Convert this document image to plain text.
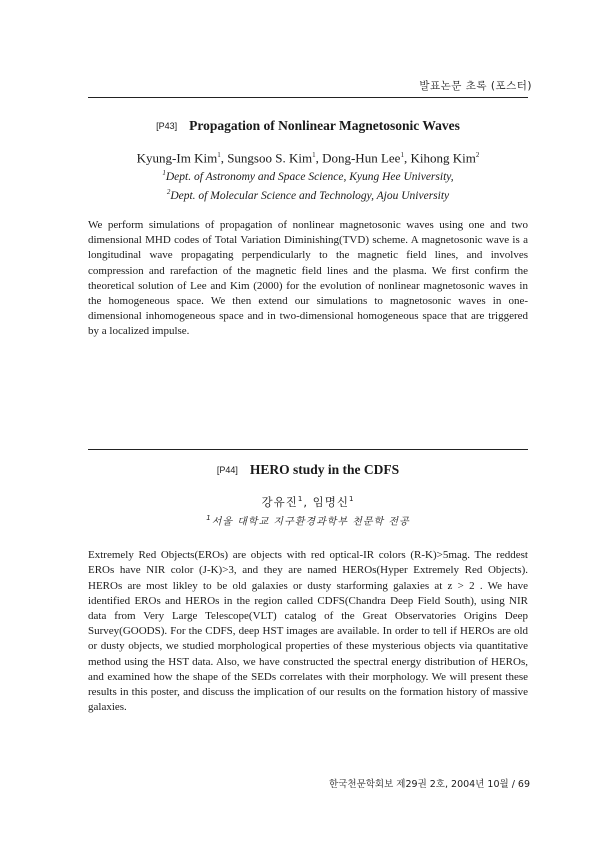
발표논문 초록 (포스터)
[P43] Propagation of Nonlinear Magnetosonic Waves
Kyung-Im Kim$^1$, Sungsoo S. Kim$^1$, Dong-Hun Lee$^1$, Kihong Kim$^2$
$^1$Dept. of Astronomy and Space Science, Kyung Hee University,
$^2$Dept. of Molecular Science and Technology, Ajou University

We perform simulations of propagation of nonlinear magnetosonic waves using one and two dimensional MHD codes of Total Variation Diminishing(TVD) scheme. A magnetosonic wave is a longitudinal wave propagating perpendicularly to the magnetic field lines, and involves compression and rarefaction of the magnetic field lines and the plasma. We first confirm the theoretical solution of Lee and Kim (2000) for the evolution of nonlinear magnetosonic waves in the homogeneous space. We then extend our simulations to magnetosonic waves in one-dimensional inhomogeneous space and in two-dimensional homogeneous space that are triggered by a localized impulse.

[P44] HERO study in the CDFS
강유진$^1$, 임명신$^1$
$^1$서울 대학교 지구환경과학부 천문학 전공

Extremely Red Objects(EROs) are objects with red optical-IR colors (R-K)>5mag. The reddest EROs have NIR color (J-K)>3, and they are named HEROs(Hyper Extremely Red Objects). HEROs are most likley to be old galaxies or dusty starforming galaxies at z > 2 . We have identified EROs and HEROs in the region called CDFS(Chandra Deep Field South), using NIR data from Very Large Telescope(VLT) catalog of the Great Observatories Origins Deep Survey(GOODS). For the CDFS, deep HST images are available. In order to tell if HEROs are old or dusty objects, we studied morphological properties of these mysterious objects via quantitative method using the HST data. Also, we have constructed the spectral energy distribution of HEROs, and examined how the shape of the SEDs correlates with their morphology. We will present these results in this poster, and discuss the implication of our results on the formation history of massive galaxies.

한국천문학회보 제29권 2호, 2004년 10월 / 69
